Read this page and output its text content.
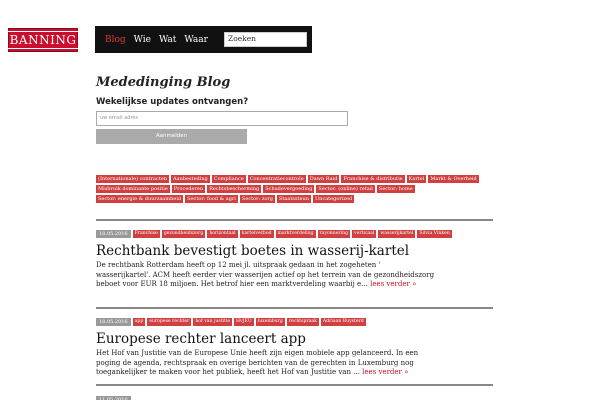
BANNING	Blog Wie Wat Waar	Zoeken
Mededinging Blog
Wekelijkse updates ontvangen?
uw email adres
Aanmelden
(Internationale) contracten	Aanbesteding	Compliance	Concentratiecontrole	Dawn Raid	Franchise & distributie	Kartel	Markt & Overheid
Misbruik dominante positie	Procederen	Rechtsbescherming	Schadevergoeding	Sector: (online) retail	Sector: home
Sector: energie & duurzaamheid	Sector: food & agri	Sector: zorg	Staatssteun	Uncategorized
18.05.2016	Franchise	gezondheidszorg	horizontaal	kartelverbod	marktverdeling	rayonnering	verticaal	wasserijkartel	Silvia Vinken
Rechtbank bevestigt boetes in wasserij-kartel

De rechtbank Rotterdam heeft op 12 mei jl. uitspraak gedaan in het zogeheten ' wasserijkartel'. ACM heeft eerder vier wasserijen actief op het terrein van de gezondheidszorg beboet voor EUR 18 miljoen. Het betrof hier een marktverdeling waarbij e... lees verder »

18.05.2016	app	europese rechter	hof van justitie	HvJEU	luxemburg	rechtspraak	Adriaan Buysterd
Europese rechter lanceert app

Het Hof van Justitie van de Europese Unie heeft zijn eigen mobiele app gelanceerd. In een poging de agenda, rechtspraak en overige berichten van de gerechten in Luxemburg nog toegankelijker te maken voor het publiek, heeft het Hof van Justitie van ... lees verder »

11.05.2016
